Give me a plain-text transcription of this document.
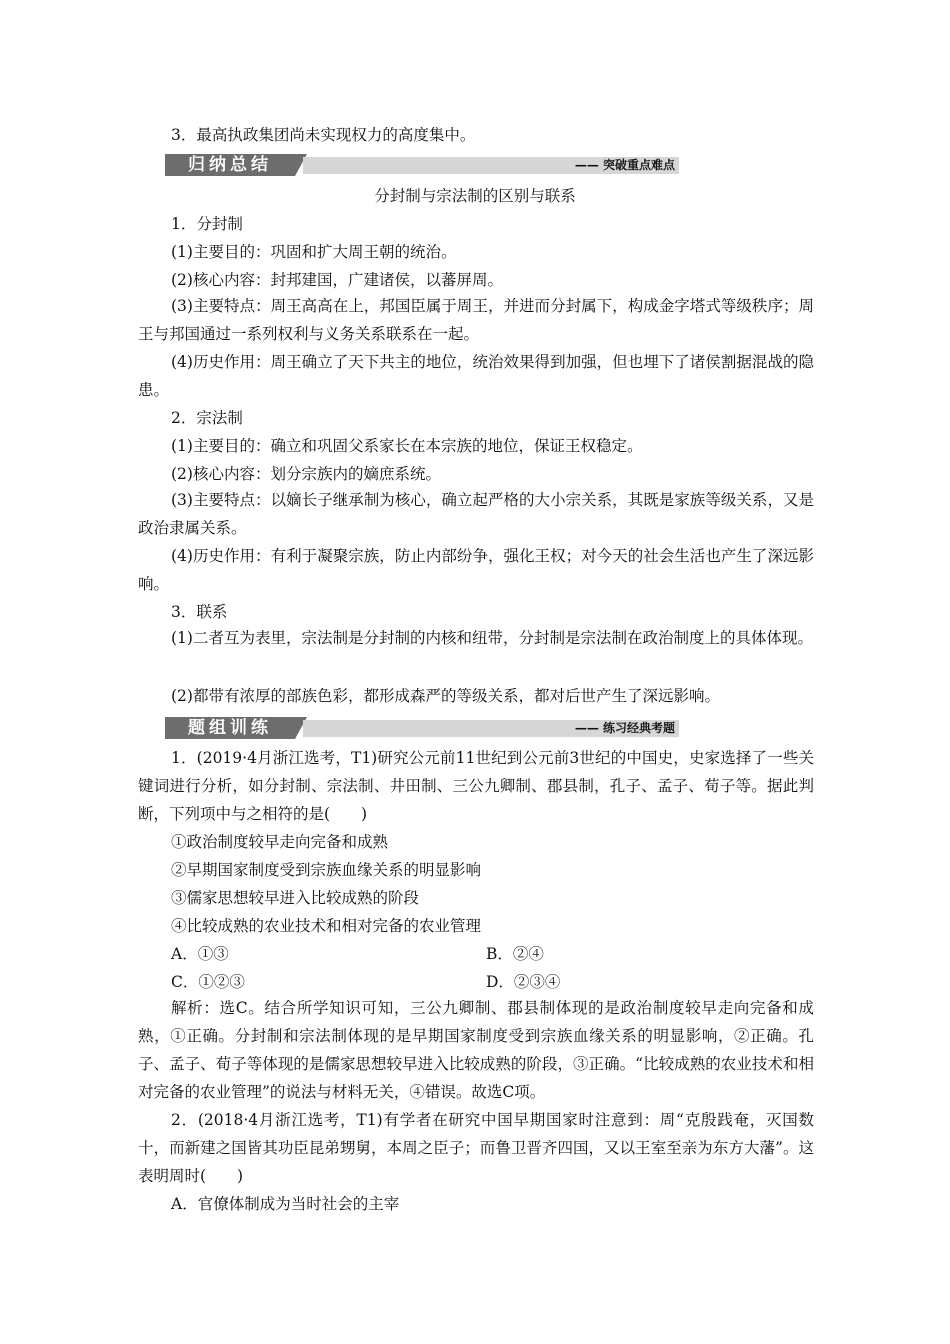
3．最高执政集团尚未实现权力的高度集中。
归纳总结	—— 突破重点难点
分封制与宗法制的区别与联系
1．分封制
(1)主要目的：巩固和扩大周王朝的统治。
(2)核心内容：封邦建国，广建诸侯，以蕃屏周。
(3)主要特点：周王高高在上，邦国臣属于周王，并进而分封属下，构成金字塔式等级秩序；周王与邦国通过一系列权利与义务关系联系在一起。
(4)历史作用：周王确立了天下共主的地位，统治效果得到加强，但也埋下了诸侯割据混战的隐患。
2．宗法制
(1)主要目的：确立和巩固父系家长在本宗族的地位，保证王权稳定。
(2)核心内容：划分宗族内的嫡庶系统。
(3)主要特点：以嫡长子继承制为核心，确立起严格的大小宗关系，其既是家族等级关系，又是政治隶属关系。
(4)历史作用：有利于凝聚宗族，防止内部纷争，强化王权；对今天的社会生活也产生了深远影响。
3．联系
(1)二者互为表里，宗法制是分封制的内核和纽带，分封制是宗法制在政治制度上的具体体现。
(2)都带有浓厚的部族色彩，都形成森严的等级关系，都对后世产生了深远影响。
题组训练	—— 练习经典考题
1．(2019·4月浙江选考，T1)研究公元前11世纪到公元前3世纪的中国史，史家选择了一些关键词进行分析，如分封制、宗法制、井田制、三公九卿制、郡县制，孔子、孟子、荀子等。据此判断，下列项中与之相符的是(　　)
①政治制度较早走向完备和成熟
②早期国家制度受到宗族血缘关系的明显影响
③儒家思想较早进入比较成熟的阶段
④比较成熟的农业技术和相对完备的农业管理
A．①③	B．②④
C．①②③	D．②③④
解析：选C。结合所学知识可知，三公九卿制、郡县制体现的是政治制度较早走向完备和成熟，①正确。分封制和宗法制体现的是早期国家制度受到宗族血缘关系的明显影响，②正确。孔子、孟子、荀子等体现的是儒家思想较早进入比较成熟的阶段，③正确。“比较成熟的农业技术和相对完备的农业管理”的说法与材料无关，④错误。故选C项。
2．(2018·4月浙江选考，T1)有学者在研究中国早期国家时注意到：周“克殷践奄，灭国数十，而新建之国皆其功臣昆弟甥舅，本周之臣子；而鲁卫晋齐四国，又以王室至亲为东方大藩”。这表明周时(　　)
A．官僚体制成为当时社会的主宰
